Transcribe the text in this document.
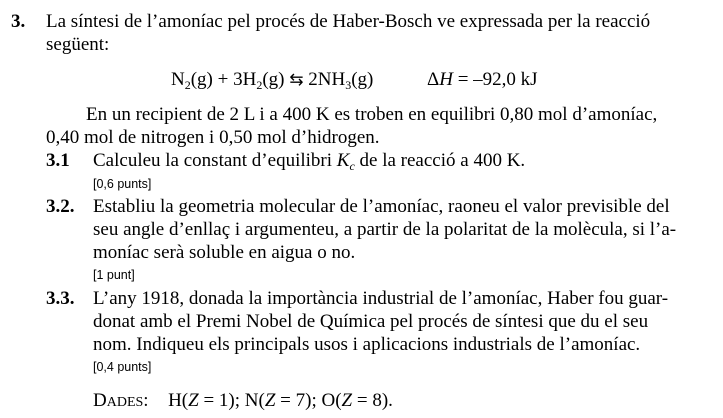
3. La síntesi de l’amoníac pel procés de Haber-Bosch ve expressada per la reacció
següent:
$N_2(g) + 3H_2(g)$ ⇆ $2NH_3(g)$	ΔH = –92,0 kJ
En un recipient de 2 L i a 400 K es troben en equilibri 0,80 mol d’amoníac,
0,40 mol de nitrogen i 0,50 mol d’hidrogen.
3.1 Calculeu la constant d’equilibri $K_c$ de la reacció a 400 K.
[0,6 punts]
3.2. Establiu la geometria molecular de l’amoníac, raoneu el valor previsible del
seu angle d’enllaç i argumenteu, a partir de la polaritat de la molècula, si l’a-
moníac serà soluble en aigua o no.
[1 punt]
3.3. L’any 1918, donada la importància industrial de l’amoníac, Haber fou guar-
donat amb el Premi Nobel de Química pel procés de síntesi que du el seu
nom. Indiqueu els principals usos i aplicacions industrials de l’amoníac.
[0,4 punts]
DADES: H(Z = 1); N(Z = 7); O(Z = 8).
